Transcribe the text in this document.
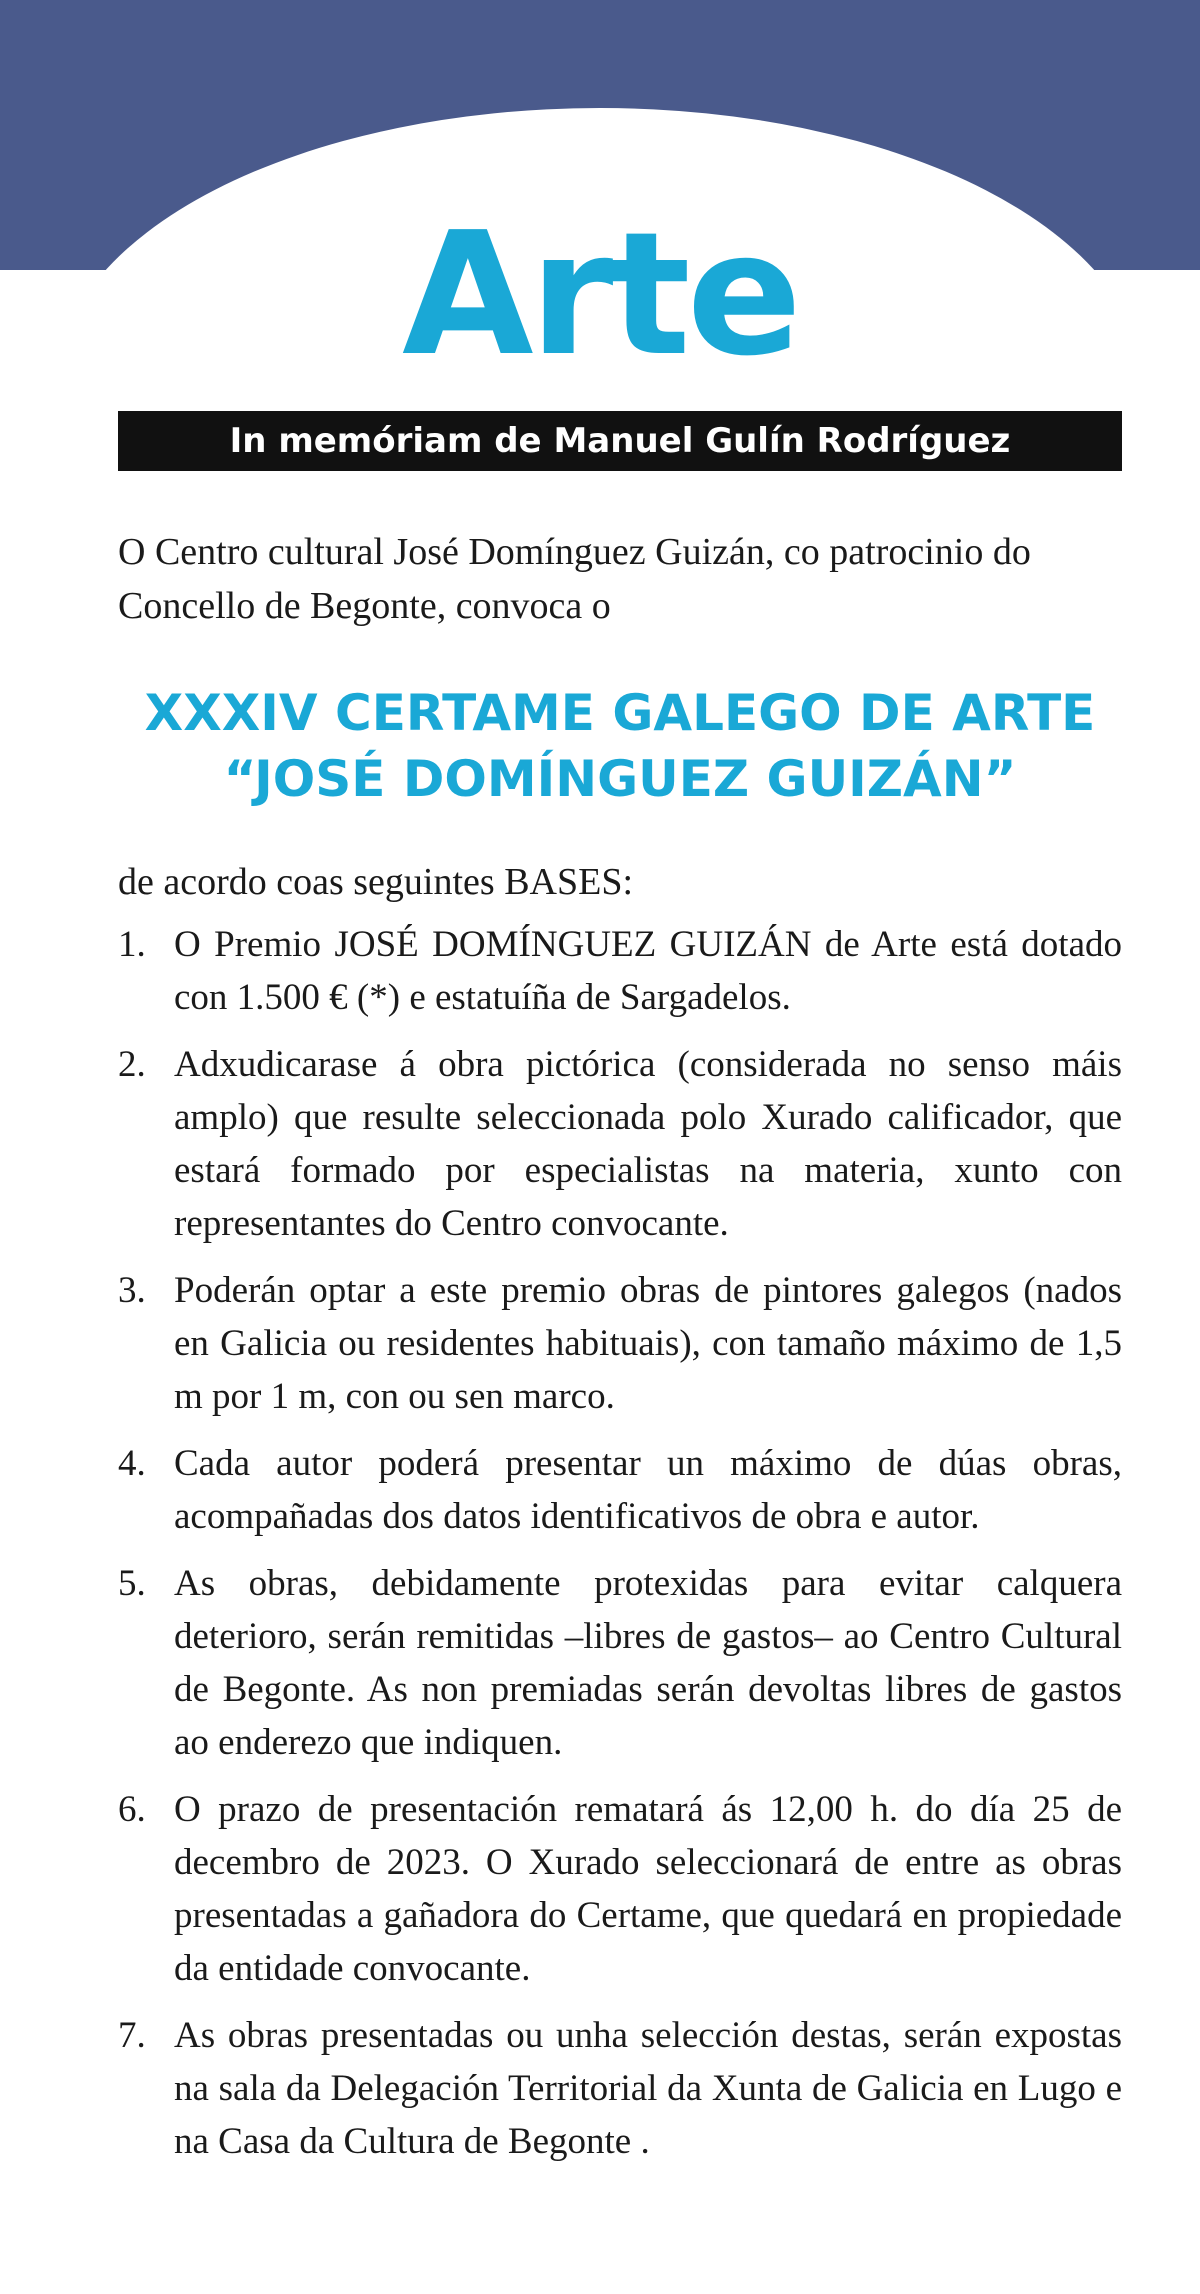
Arte
In memóriam de Manuel Gulín Rodríguez
O Centro cultural José Domínguez Guizán, co patrocinio do Concello de Begonte, convoca o
XXXIV CERTAME GALEGO DE ARTE
“JOSÉ DOMÍNGUEZ GUIZÁN”
de acordo coas seguintes BASES:
1. O Premio JOSÉ DOMÍNGUEZ GUIZÁN de Arte está dotado con 1.500 € (*) e estatuíña de Sargadelos.
2. Adxudicarase á obra pictórica (considerada no senso máis amplo) que resulte seleccionada polo Xurado calificador, que estará formado por especialistas na materia, xunto con representantes do Centro convocante.
3. Poderán optar a este premio obras de pintores galegos (nados en Galicia ou residentes habituais), con tamaño máximo de 1,5 m por 1 m, con ou sen marco.
4. Cada autor poderá presentar un máximo de dúas obras, acompañadas dos datos identificativos de obra e autor.
5. As obras, debidamente protexidas para evitar calquera deterioro, serán remitidas –libres de gastos– ao Centro Cultural de Begonte. As non premiadas serán devoltas libres de gastos ao enderezo que indiquen.
6. O prazo de presentación rematará ás 12,00 h. do día 25 de decembro de 2023. O Xurado seleccionará de entre as obras presentadas a gañadora do Certame, que quedará en propiedade da entidade convocante.
7. As obras presentadas ou unha selección destas, serán expostas na sala da Delegación Territorial da Xunta de Galicia en Lugo e na Casa da Cultura de Begonte .
